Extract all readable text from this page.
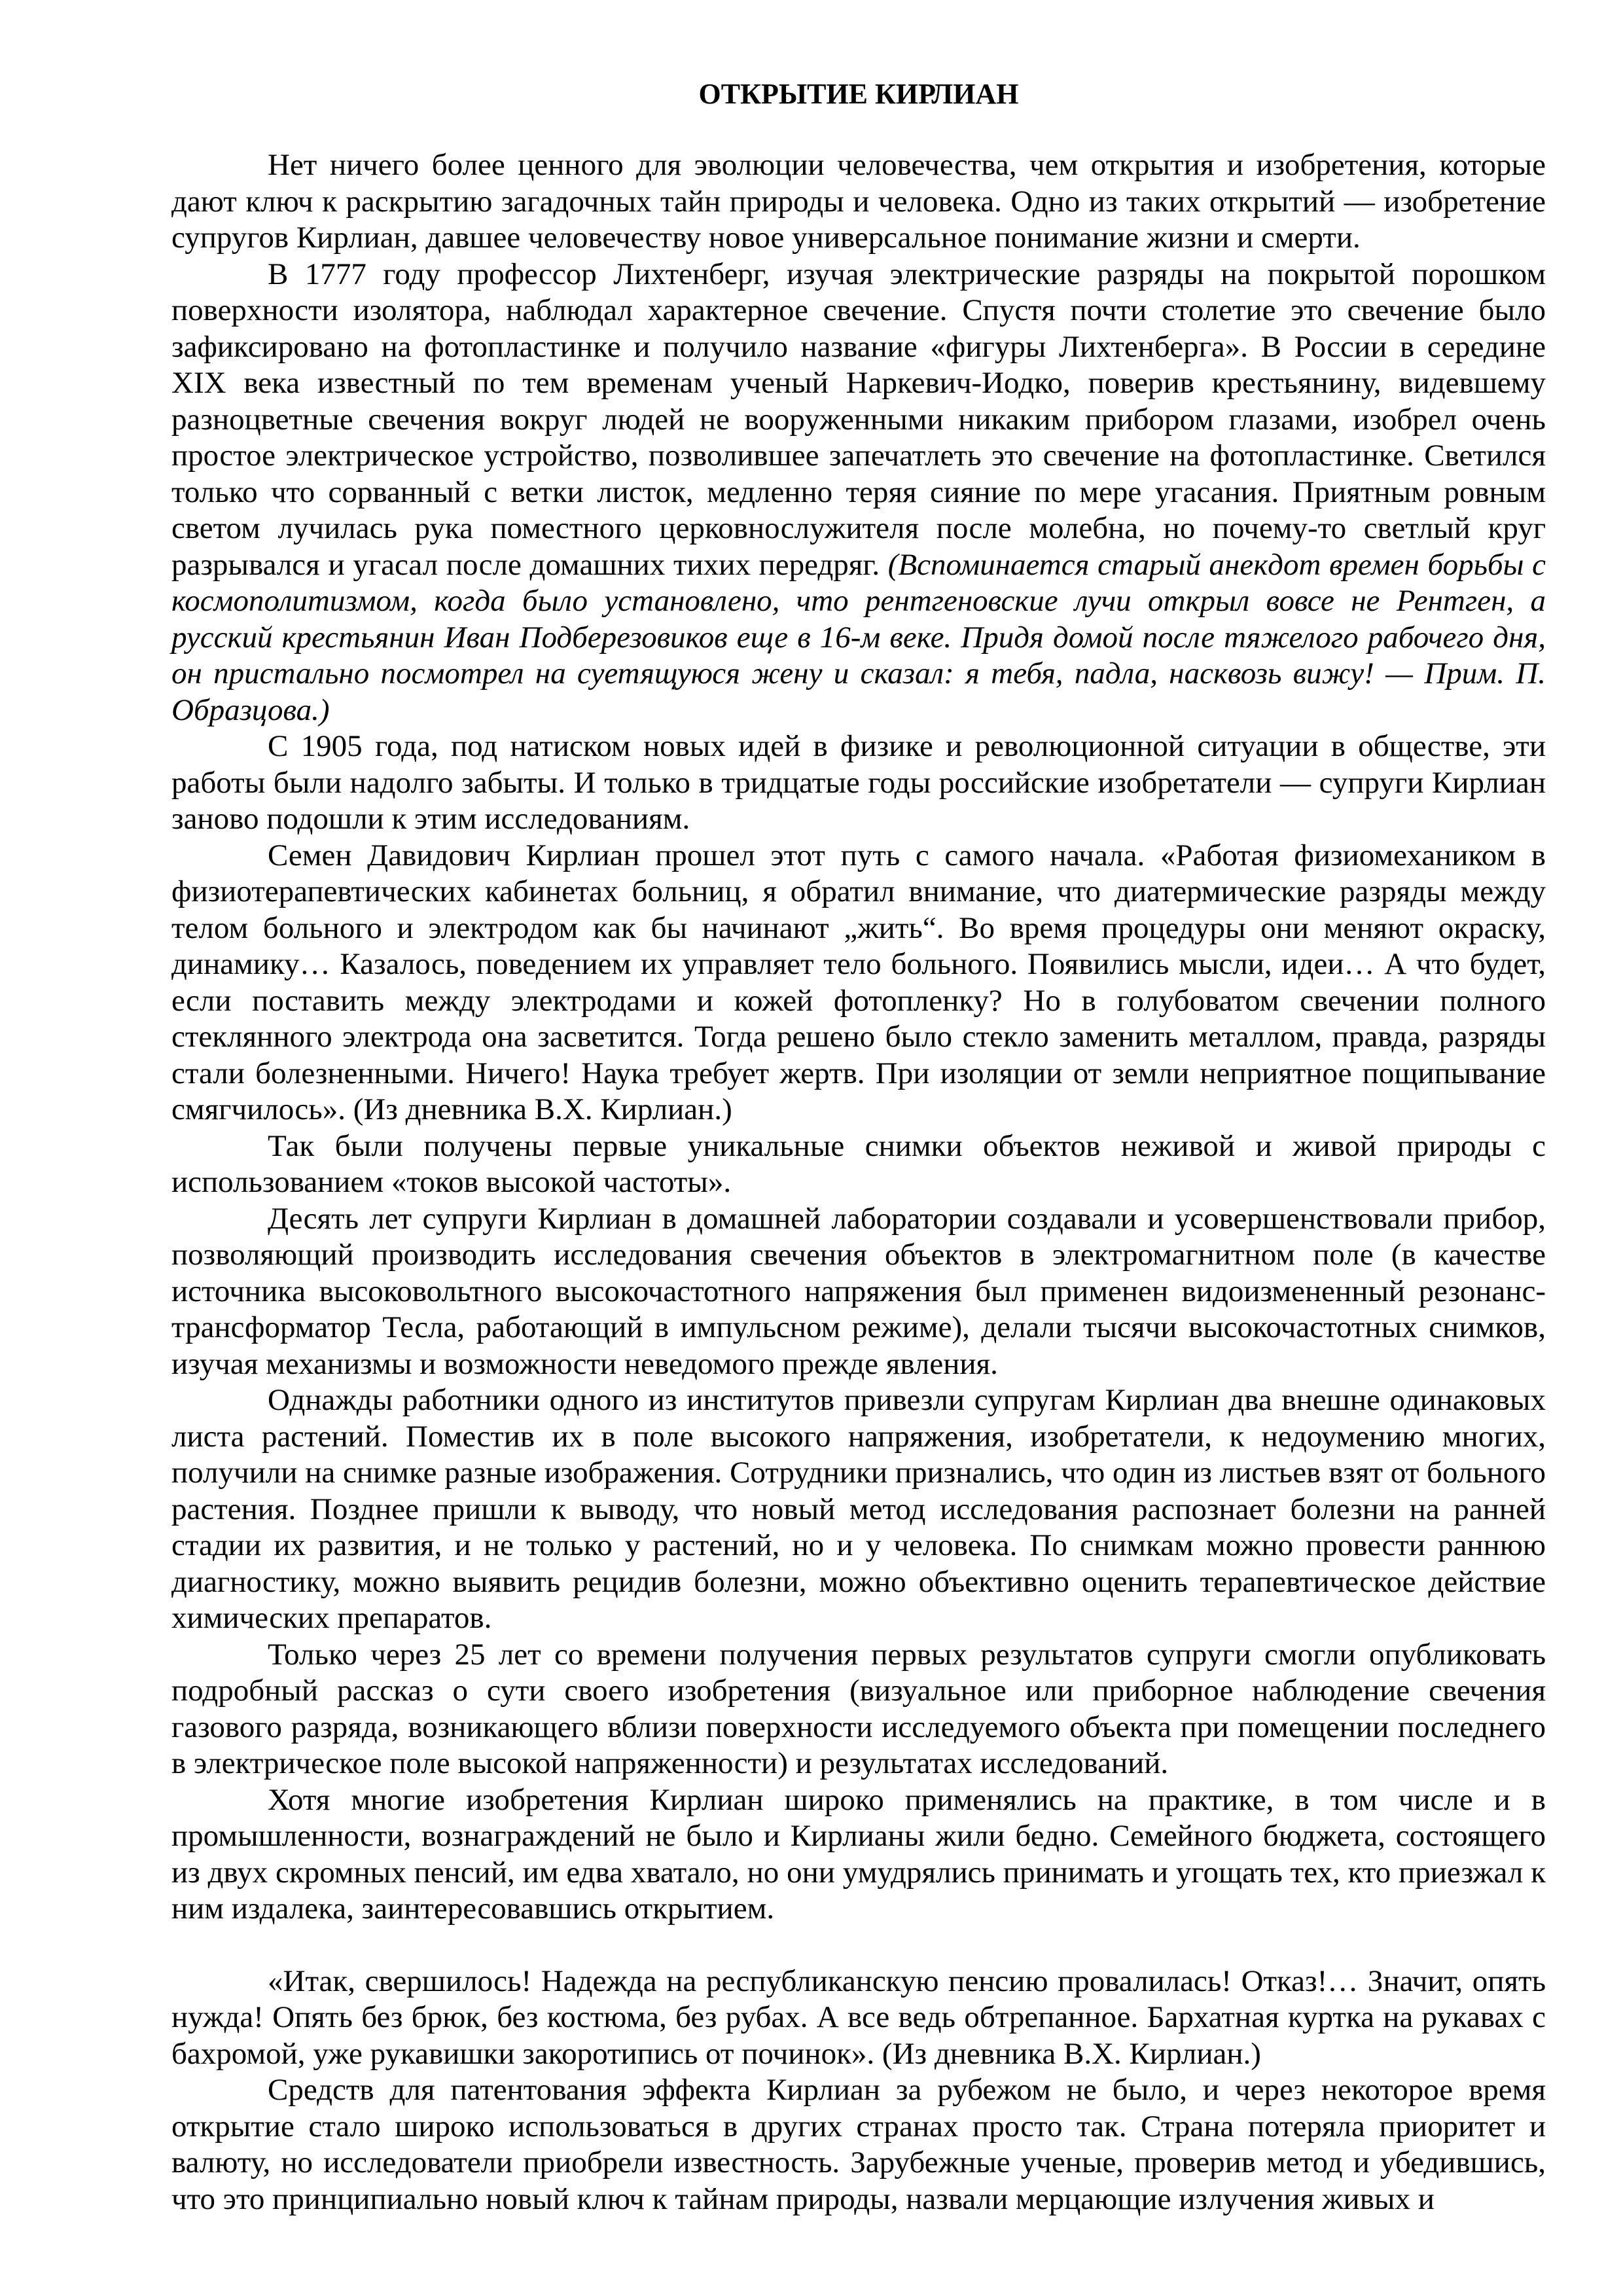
ОТКРЫТИЕ КИРЛИАН

Нет ничего более ценного для эволюции человечества, чем открытия и изобретения, которые дают ключ к раскрытию загадочных тайн природы и человека. Одно из таких открытий — изобретение супругов Кирлиан, давшее человечеству новое универсальное понимание жизни и смерти.

В 1777 году профессор Лихтенберг, изучая электрические разряды на покрытой порошком поверхности изолятора, наблюдал характерное свечение. Спустя почти столетие это свечение было зафиксировано на фотопластинке и получило название «фигуры Лихтенберга». В России в середине XIX века известный по тем временам ученый Наркевич-Иодко, поверив крестьянину, видевшему разноцветные свечения вокруг людей не вооруженными никаким прибором глазами, изобрел очень простое электрическое устройство, позволившее запечатлеть это свечение на фотопластинке. Светился только что сорванный с ветки листок, медленно теряя сияние по мере угасания. Приятным ровным светом лучилась рука поместного церковнослужителя после молебна, но почему-то светлый круг разрывался и угасал после домашних тихих передряг. (Вспоминается старый анекдот времен борьбы с космополитизмом, когда было установлено, что рентгеновские лучи открыл вовсе не Рентген, а русский крестьянин Иван Подберезовиков еще в 16-м веке. Придя домой после тяжелого рабочего дня, он пристально посмотрел на суетящуюся жену и сказал: я тебя, падла, насквозь вижу! — Прим. П. Образцова.)

С 1905 года, под натиском новых идей в физике и революционной ситуации в обществе, эти работы были надолго забыты. И только в тридцатые годы российские изобретатели — супруги Кирлиан заново подошли к этим исследованиям.

Семен Давидович Кирлиан прошел этот путь с самого начала. «Работая физиомехаником в физиотерапевтических кабинетах больниц, я обратил внимание, что диатермические разряды между телом больного и электродом как бы начинают „жить“. Во время процедуры они меняют окраску, динамику… Казалось, поведением их управляет тело больного. Появились мысли, идеи… А что будет, если поставить между электродами и кожей фотопленку? Но в голубоватом свечении полного стеклянного электрода она засветится. Тогда решено было стекло заменить металлом, правда, разряды стали болезненными. Ничего! Наука требует жертв. При изоляции от земли неприятное пощипывание смягчилось». (Из дневника В.Х. Кирлиан.)

Так были получены первые уникальные снимки объектов неживой и живой природы с использованием «токов высокой частоты».

Десять лет супруги Кирлиан в домашней лаборатории создавали и усовершенствовали прибор, позволяющий производить исследования свечения объектов в электромагнитном поле (в качестве источника высоковольтного высокочастотного напряжения был применен видоизмененный резонанс-трансформатор Тесла, работающий в импульсном режиме), делали тысячи высокочастотных снимков, изучая механизмы и возможности неведомого прежде явления.

Однажды работники одного из институтов привезли супругам Кирлиан два внешне одинаковых листа растений. Поместив их в поле высокого напряжения, изобретатели, к недоумению многих, получили на снимке разные изображения. Сотрудники признались, что один из листьев взят от больного растения. Позднее пришли к выводу, что новый метод исследования распознает болезни на ранней стадии их развития, и не только у растений, но и у человека. По снимкам можно провести раннюю диагностику, можно выявить рецидив болезни, можно объективно оценить терапевтическое действие химических препаратов.

Только через 25 лет со времени получения первых результатов супруги смогли опубликовать подробный рассказ о сути своего изобретения (визуальное или приборное наблюдение свечения газового разряда, возникающего вблизи поверхности исследуемого объекта при помещении последнего в электрическое поле высокой напряженности) и результатах исследований.

Хотя многие изобретения Кирлиан широко применялись на практике, в том числе и в промышленности, вознаграждений не было и Кирлианы жили бедно. Семейного бюджета, состоящего из двух скромных пенсий, им едва хватало, но они умудрялись принимать и угощать тех, кто приезжал к ним издалека, заинтересовавшись открытием.

«Итак, свершилось! Надежда на республиканскую пенсию провалилась! Отказ!… Значит, опять нужда! Опять без брюк, без костюма, без рубах. А все ведь обтрепанное. Бархатная куртка на рукавах с бахромой, уже рукавишки закоротипись от починок». (Из дневника В.Х. Кирлиан.)

Средств для патентования эффекта Кирлиан за рубежом не было, и через некоторое время открытие стало широко использоваться в других странах просто так. Страна потеряла приоритет и валюту, но исследователи приобрели известность. Зарубежные ученые, проверив метод и убедившись, что это принципиально новый ключ к тайнам природы, назвали мерцающие излучения живых и
